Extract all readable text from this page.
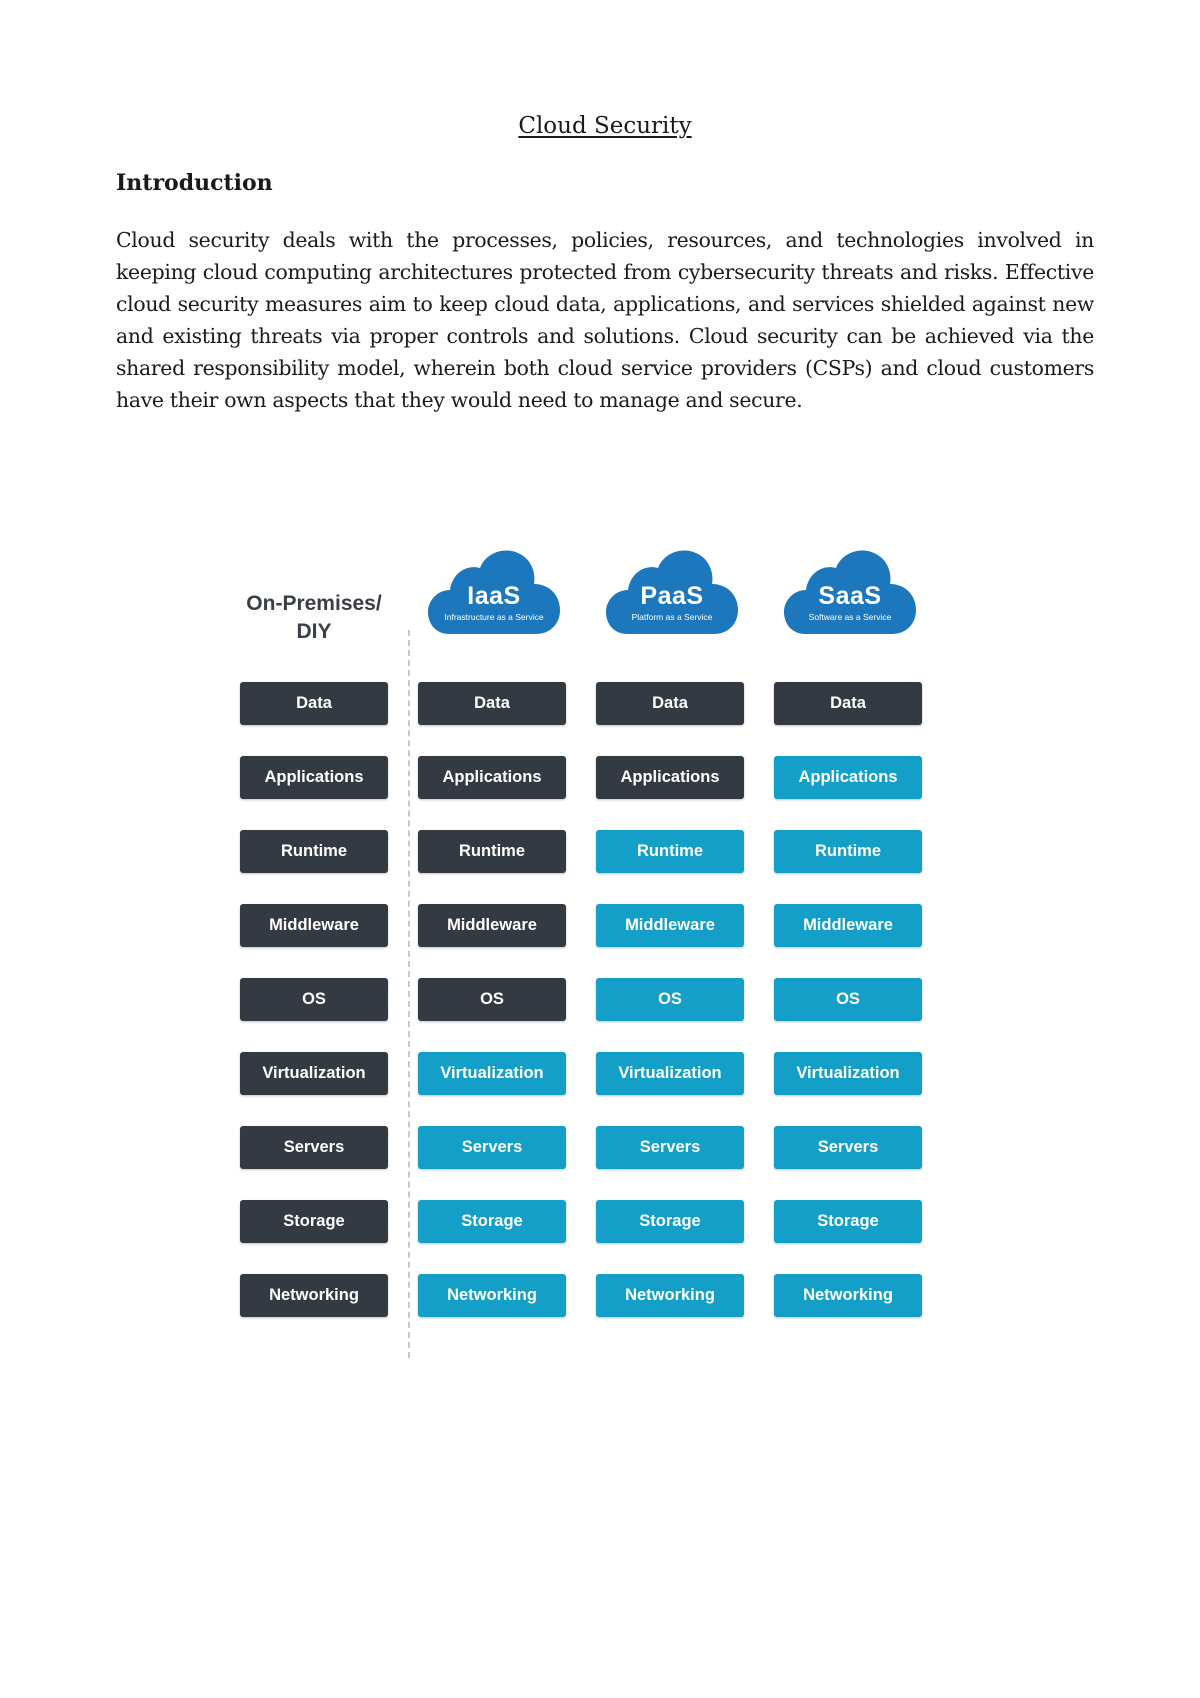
Cloud Security
Introduction

Cloud security deals with the processes, policies, resources, and technologies involved in keeping cloud computing architectures protected from cybersecurity threats and risks. Effective cloud security measures aim to keep cloud data, applications, and services shielded against new and existing threats via proper controls and solutions. Cloud security can be achieved via the shared responsibility model, wherein both cloud service providers (CSPs) and cloud customers have their own aspects that they would need to manage and secure.

On-Premises/
DIY
IaaS
Infrastructure as a Service
PaaS
Platform as a Service
SaaS
Software as a Service
Data
Applications
Runtime
Middleware
OS
Virtualization
Servers
Storage
Networking
Data
Applications
Runtime
Middleware
OS
Virtualization
Servers
Storage
Networking
Data
Applications
Runtime
Middleware
OS
Virtualization
Servers
Storage
Networking
Data
Applications
Runtime
Middleware
OS
Virtualization
Servers
Storage
Networking
